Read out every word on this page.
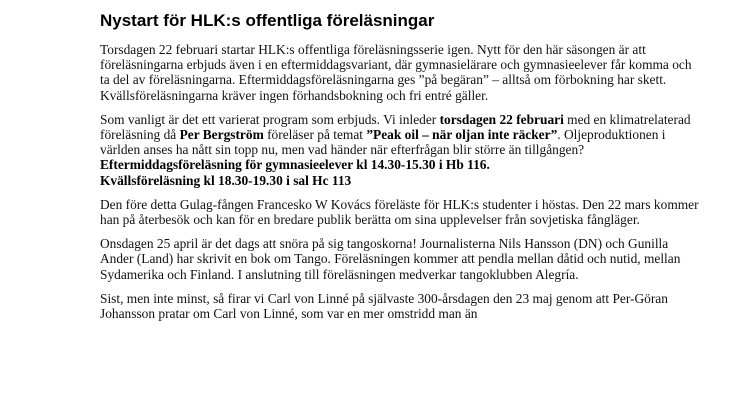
Nystart för HLK:s offentliga föreläsningar

Torsdagen 22 februari startar HLK:s offentliga föreläsningsserie igen. Nytt för den här säsongen är att föreläsningarna erbjuds även i en eftermiddagsvariant, där gymnasielärare och gymnasieelever får komma och ta del av föreläsningarna. Eftermiddagsföreläsningarna ges ”på begäran” – alltså om förbokning har skett. Kvällsföreläsningarna kräver ingen förhandsbokning och fri entré gäller.

Som vanligt är det ett varierat program som erbjuds. Vi inleder torsdagen 22 februari med en klimatrelaterad föreläsning då Per Bergström föreläser på temat ”Peak oil – när oljan inte räcker”. Oljeproduktionen i världen anses ha nått sin topp nu, men vad händer när efterfrågan blir större än tillgången?
Eftermiddagsföreläsning för gymnasieelever kl 14.30-15.30 i Hb 116.
Kvällsföreläsning kl 18.30-19.30 i sal Hc 113

Den före detta Gulag-fången Francesko W Kovács föreläste för HLK:s studenter i höstas. Den 22 mars kommer han på återbesök och kan för en bredare publik berätta om sina upplevelser från sovjetiska fångläger.

Onsdagen 25 april är det dags att snöra på sig tangoskorna! Journalisterna Nils Hansson (DN) och Gunilla Ander (Land) har skrivit en bok om Tango. Föreläsningen kommer att pendla mellan dåtid och nutid, mellan Sydamerika och Finland. I anslutning till föreläsningen medverkar tangoklubben Alegría.

Sist, men inte minst, så firar vi Carl von Linné på självaste 300-årsdagen den 23 maj genom att Per-Göran Johansson pratar om Carl von Linné, som var en mer omstridd man än
